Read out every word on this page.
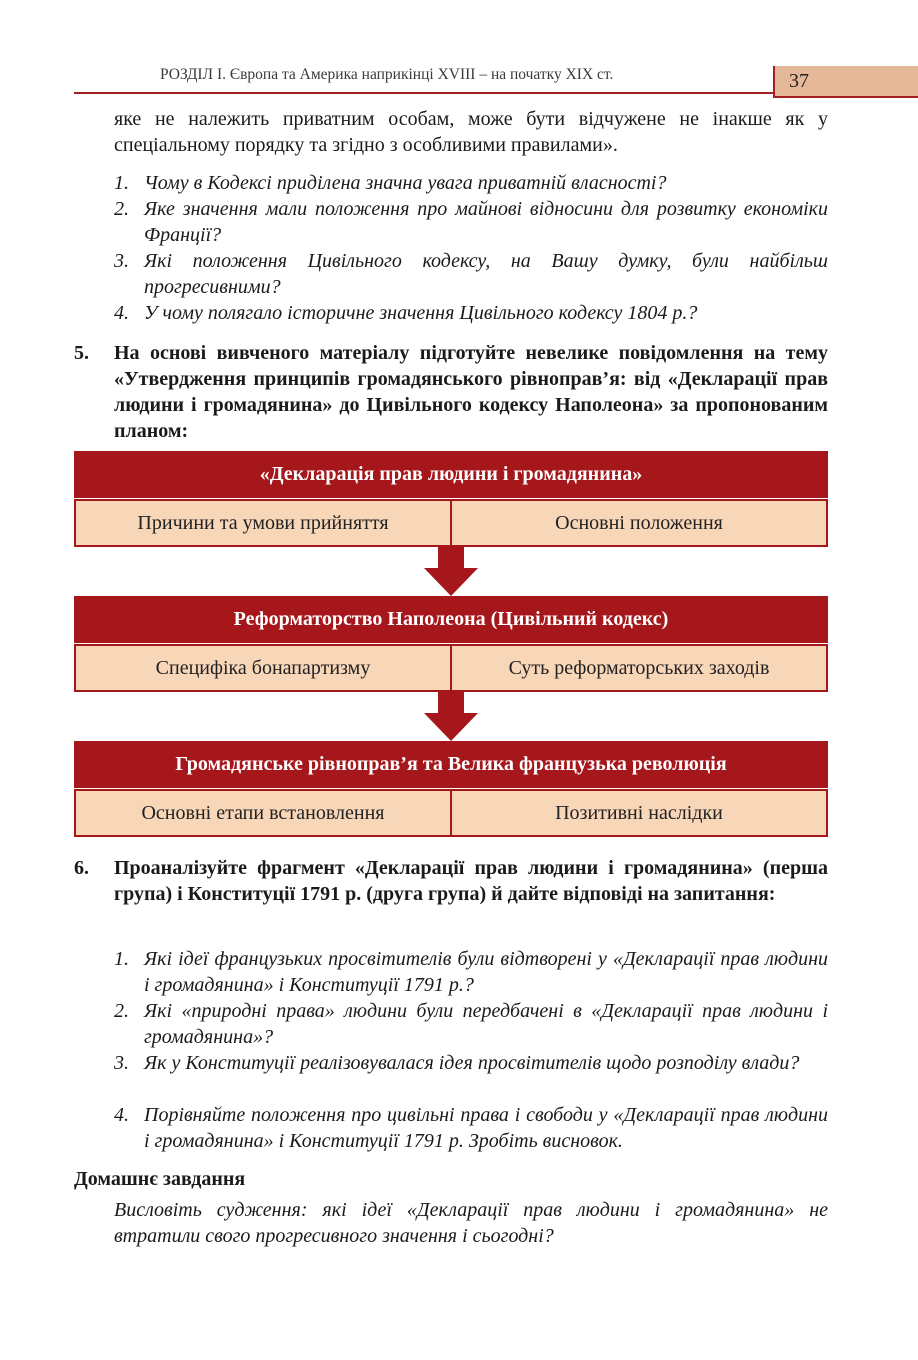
РОЗДІЛ І. Європа та Америка наприкінці XVIII – на початку XIX ст.	37

яке не належить приватним особам, може бути відчужене не інакше як у спеціальному порядку та згідно з особливими правилами».

1. Чому в Кодексі приділена значна увага приватній власності?
2. Яке значення мали положення про майнові відносини для розвитку економіки Франції?
3. Які положення Цивільного кодексу, на Вашу думку, були найбільш прогресивними?
4. У чому полягало історичне значення Цивільного кодексу 1804 р.?
5. На основі вивченого матеріалу підготуйте невелике повідомлення на тему «Утвердження принципів громадянського рівноправ’я: від «Декларації прав людини і громадянина» до Цивільного кодексу Наполеона» за пропонованим планом:
«Декларація прав людини і громадянина»
Причини та умови прийняття	Основні положення
Реформаторство Наполеона (Цивільний кодекс)
Специфіка бонапартизму	Суть реформаторських заходів
Громадянське рівноправ’я та Велика французька революція
Основні етапи встановлення	Позитивні наслідки
6. Проаналізуйте фрагмент «Декларації прав людини і громадянина» (перша група) і Конституції 1791 р. (друга група) й дайте відповіді на запитання:
1. Які ідеї французьких просвітителів були відтворені у «Декларації прав людини і громадянина» і Конституції 1791 р.?
2. Які «природні права» людини були передбачені в «Декларації прав людини і громадянина»?
3. Як у Конституції реалізовувалася ідея просвітителів щодо розподілу влади?
4. Порівняйте положення про цивільні права і свободи у «Декларації прав людини і громадянина» і Конституції 1791 р. Зробіть висновок.
Домашнє завдання
Висловіть судження: які ідеї «Декларації прав людини і громадянина» не втратили свого прогресивного значення і сьогодні?
